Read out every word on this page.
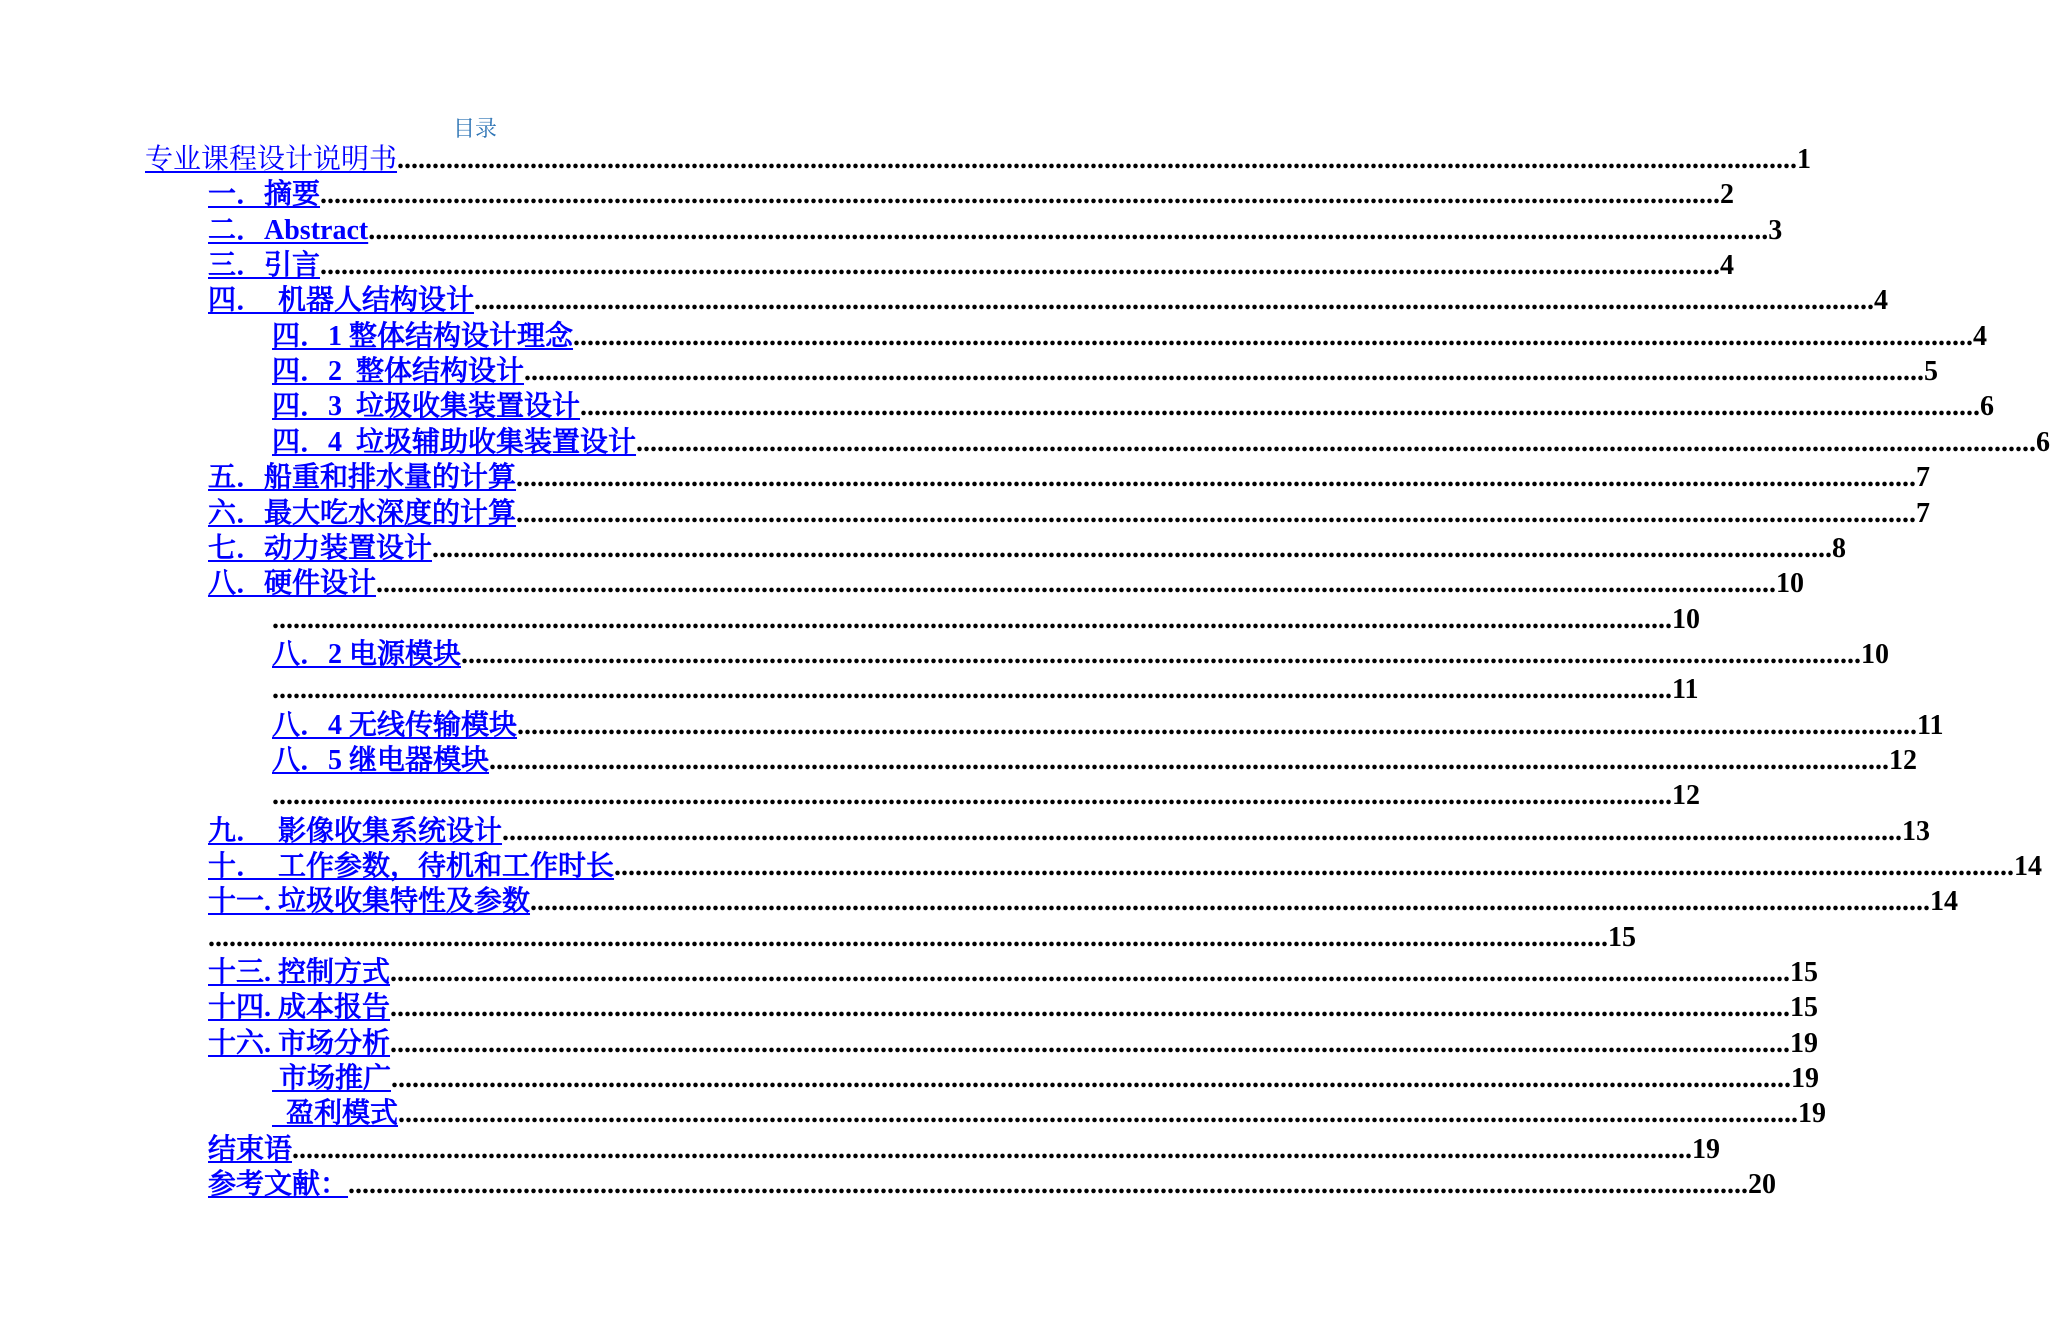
目录
专业课程设计说明书 ........................................................................................................................................................................................................ 1
一．摘要 ........................................................................................................................................................................................................ 2
二．Abstract ........................................................................................................................................................................................................ 3
三．引言 ........................................................................................................................................................................................................ 4
四．  机器人结构设计 ........................................................................................................................................................................................................ 4
四．1 整体结构设计理念 ........................................................................................................................................................................................................ 4
四．2  整体结构设计 ........................................................................................................................................................................................................ 5
四．3  垃圾收集装置设计 ........................................................................................................................................................................................................ 6
四．4  垃圾辅助收集装置设计 ........................................................................................................................................................................................................ 6
五．船重和排水量的计算 ........................................................................................................................................................................................................ 7
六．最大吃水深度的计算 ........................................................................................................................................................................................................ 7
七．动力装置设计 ........................................................................................................................................................................................................ 8
八．硬件设计 ........................................................................................................................................................................................................ 10
........................................................................................................................................................................................................ 10
八．2 电源模块 ........................................................................................................................................................................................................ 10
........................................................................................................................................................................................................ 11
八．4 无线传输模块 ........................................................................................................................................................................................................ 11
八．5 继电器模块 ........................................................................................................................................................................................................ 12
........................................................................................................................................................................................................ 12
九．  影像收集系统设计 ........................................................................................................................................................................................................ 13
十．  工作参数，待机和工作时长 ........................................................................................................................................................................................................ 14
十一. 垃圾收集特性及参数 ........................................................................................................................................................................................................ 14
........................................................................................................................................................................................................ 15
十三. 控制方式 ........................................................................................................................................................................................................ 15
十四. 成本报告 ........................................................................................................................................................................................................ 15
十六. 市场分析 ........................................................................................................................................................................................................ 19
市场推广 ........................................................................................................................................................................................................ 19
盈利模式 ........................................................................................................................................................................................................ 19
结束语 ........................................................................................................................................................................................................ 19
参考文献： ........................................................................................................................................................................................................ 20
